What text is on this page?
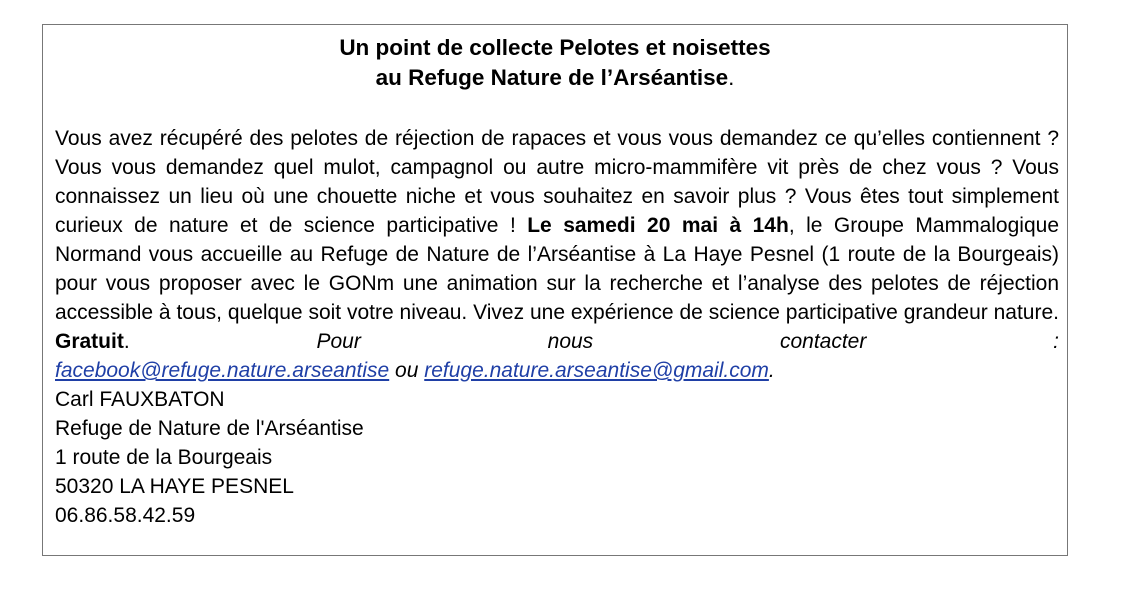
Un point de collecte Pelotes et noisettes
au Refuge Nature de l’Arséantise.

Vous avez récupéré des pelotes de réjection de rapaces et vous vous demandez ce qu’elles contiennent ? Vous vous demandez quel mulot, campagnol ou autre micro-mammifère vit près de chez vous ? Vous connaissez un lieu où une chouette niche et vous souhaitez en savoir plus ? Vous êtes tout simplement curieux de nature et de science participative ! Le samedi 20 mai à 14h, le Groupe Mammalogique Normand vous accueille au Refuge de Nature de l’Arséantise à La Haye Pesnel (1 route de la Bourgeais) pour vous proposer avec le GONm une animation sur la recherche et l’analyse des pelotes de réjection accessible à tous, quelque soit votre niveau. Vivez une expérience de science participative grandeur nature. Gratuit. Pour nous contacter :

facebook@refuge.nature.arseantise ou refuge.nature.arseantise@gmail.com.

Carl FAUXBATON
Refuge de Nature de l'Arséantise
1 route de la Bourgeais
50320 LA HAYE PESNEL
06.86.58.42.59
